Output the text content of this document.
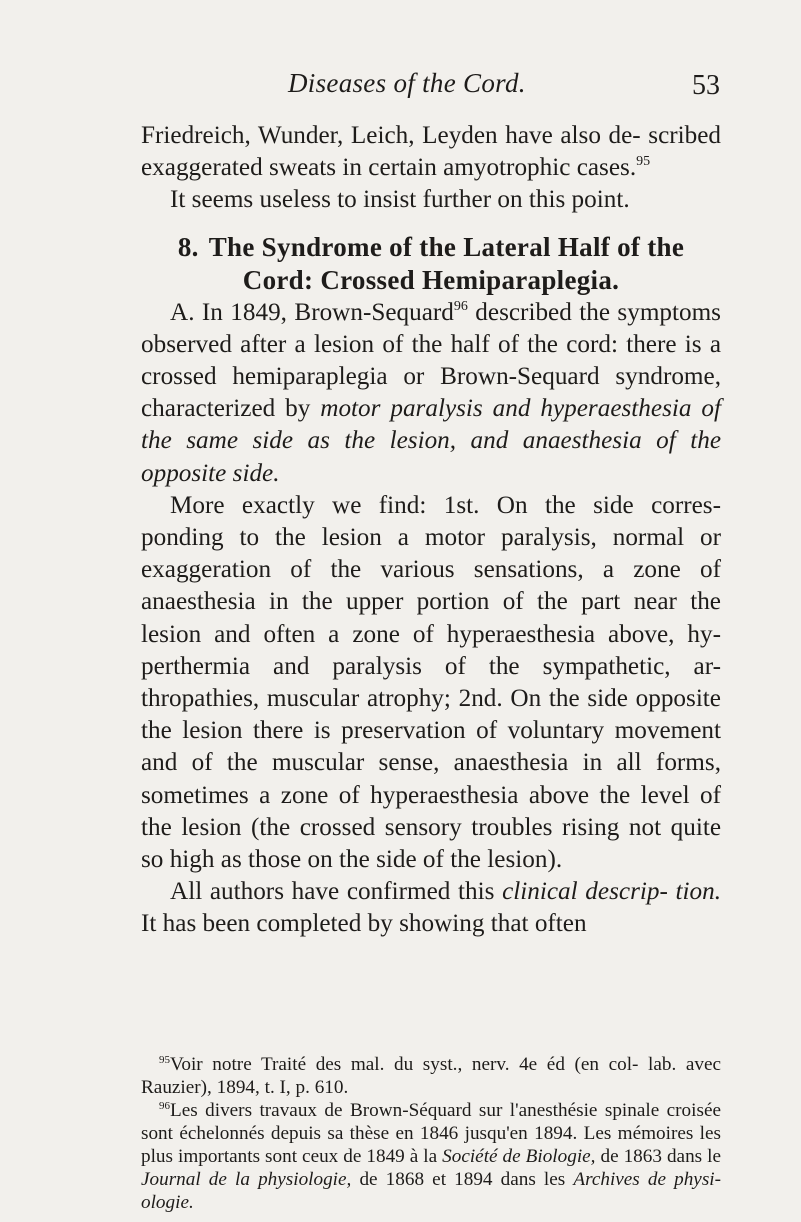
Diseases of the Cord.	53

Friedreich, Wunder, Leich, Leyden have also de- scribed exaggerated sweats in certain amyotrophic cases.$^{95}$

It seems useless to insist further on this point.

8. The Syndrome of the Lateral Half of the Cord: Crossed Hemiparaplegia.

A. In 1849, Brown-Sequard$^{96}$ described the symptoms observed after a lesion of the half of the cord: there is a crossed hemiparaplegia or Brown-Sequard syndrome, characterized by motor paralysis and hyperaesthesia of the same side as the lesion, and anaesthesia of the opposite side.

More exactly we find: 1st. On the side corres- ponding to the lesion a motor paralysis, normal or exaggeration of the various sensations, a zone of anaesthesia in the upper portion of the part near the lesion and often a zone of hyperaesthesia above, hy- perthermia and paralysis of the sympathetic, ar- thropathies, muscular atrophy; 2nd. On the side opposite the lesion there is preservation of voluntary movement and of the muscular sense, anaesthesia in all forms, sometimes a zone of hyperaesthesia above the level of the lesion (the crossed sensory troubles rising not quite so high as those on the side of the lesion).

All authors have confirmed this clinical descrip- tion. It has been completed by showing that often

$^{95}$Voir notre Traité des mal. du syst., nerv. 4e éd (en col- lab. avec Rauzier), 1894, t. I, p. 610.

$^{96}$Les divers travaux de Brown-Séquard sur l'anesthésie spinale croisée sont échelonnés depuis sa thèse en 1846 jusqu'en 1894. Les mémoires les plus importants sont ceux de 1849 à la Société de Biologie, de 1863 dans le Journal de la physiologie, de 1868 et 1894 dans les Archives de physi- ologie.
